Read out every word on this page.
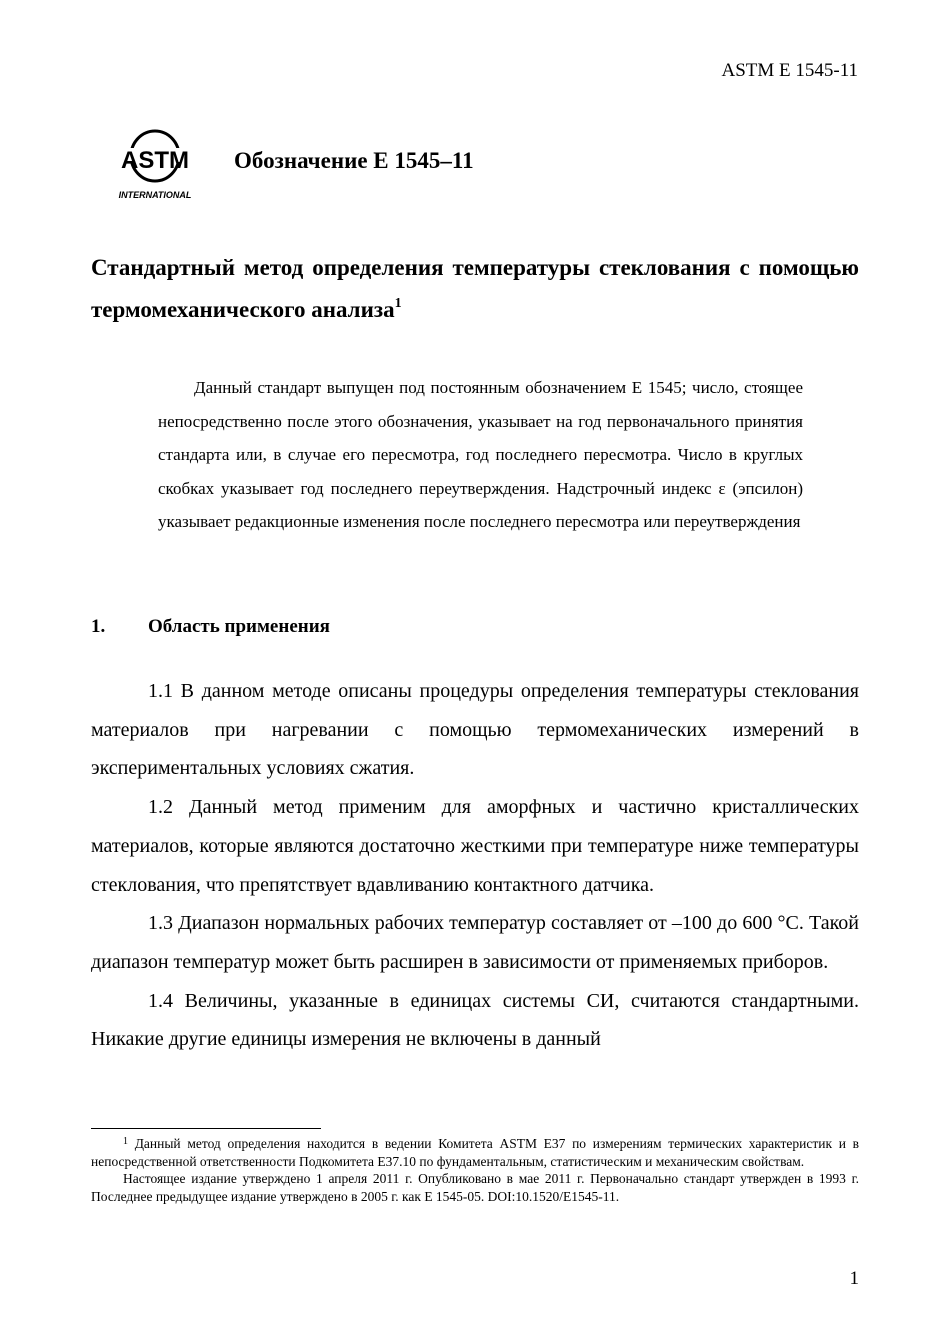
ASTM E 1545-11
ASTM
INTERNATIONAL
Обозначение Е 1545–11
Стандартный метод определения температуры стеклования с помощью термомеханического анализа$^1$
Данный стандарт выпущен под постоянным обозначением Е 1545; число, стоящее непосредственно после этого обозначения, указывает на год первоначального принятия стандарта или, в случае его пересмотра, год последнего пересмотра. Число в круглых скобках указывает год последнего переутверждения. Надстрочный индекс ε (эпсилон) указывает редакционные изменения после последнего пересмотра или переутверждения
1. Область применения

1.1 В данном методе описаны процедуры определения температуры стеклования материалов при нагревании с помощью термомеханических измерений в экспериментальных условиях сжатия.

1.2 Данный метод применим для аморфных и частично кристаллических материалов, которые являются достаточно жесткими при температуре ниже температуры стеклования, что препятствует вдавливанию контактного датчика.

1.3 Диапазон нормальных рабочих температур составляет от –100 до 600 °С. Такой диапазон температур может быть расширен в зависимости от применяемых приборов.

1.4 Величины, указанные в единицах системы СИ, считаются стандартными. Никакие другие единицы измерения не включены в данный

$^1$ Данный метод определения находится в ведении Комитета ASTM Е37 по измерениям термических характеристик и в непосредственной ответственности Подкомитета Е37.10 по фундаментальным, статистическим и механическим свойствам.

Настоящее издание утверждено 1 апреля 2011 г. Опубликовано в мае 2011 г. Первоначально стандарт утвержден в 1993 г. Последнее предыдущее издание утверждено в 2005 г. как Е 1545-05. DOI:10.1520/E1545-11.

1
